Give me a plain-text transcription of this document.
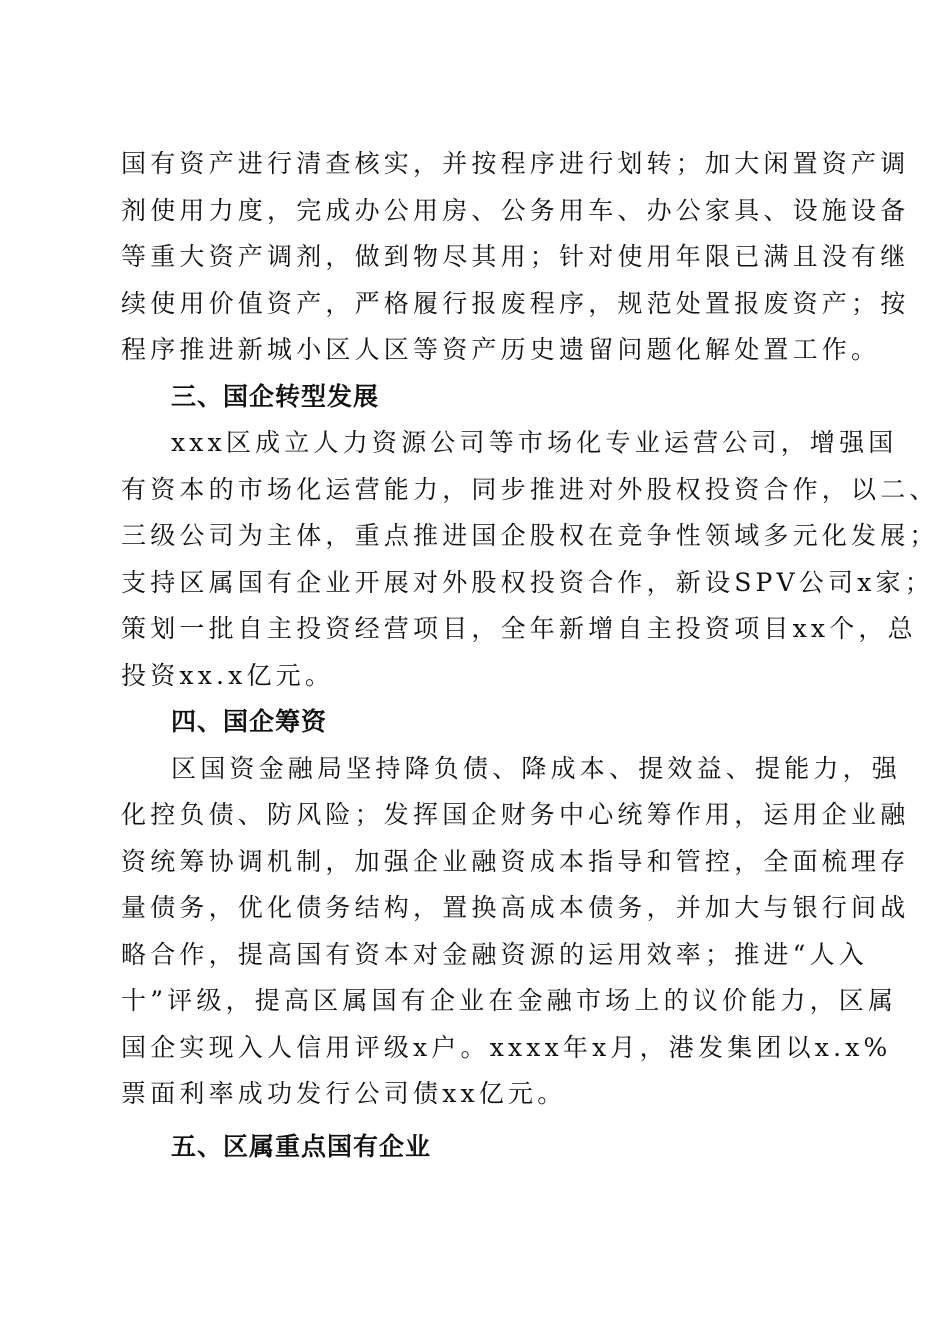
国有资产进行清查核实，并按程序进行划转；加大闲置资产调
剂使用力度，完成办公用房、公务用车、办公家具、设施设备
等重大资产调剂，做到物尽其用；针对使用年限已满且没有继
续使用价值资产，严格履行报废程序，规范处置报废资产；按
程序推进新城小区人区等资产历史遗留问题化解处置工作。
三、国企转型发展
xxx区成立人力资源公司等市场化专业运营公司，增强国
有资本的市场化运营能力，同步推进对外股权投资合作，以二、
三级公司为主体，重点推进国企股权在竞争性领域多元化发展；
支持区属国有企业开展对外股权投资合作，新设SPV公司x家；
策划一批自主投资经营项目，全年新增自主投资项目xx个，总
投资xx.x亿元。
四、国企筹资
区国资金融局坚持降负债、降成本、提效益、提能力，强
化控负债、防风险；发挥国企财务中心统筹作用，运用企业融
资统筹协调机制，加强企业融资成本指导和管控，全面梳理存
量债务，优化债务结构，置换高成本债务，并加大与银行间战
略合作，提高国有资本对金融资源的运用效率；推进“人入
十”评级，提高区属国有企业在金融市场上的议价能力，区属
国企实现入人信用评级x户。xxxx年x月，港发集团以x.x%
票面利率成功发行公司债xx亿元。
五、区属重点国有企业
